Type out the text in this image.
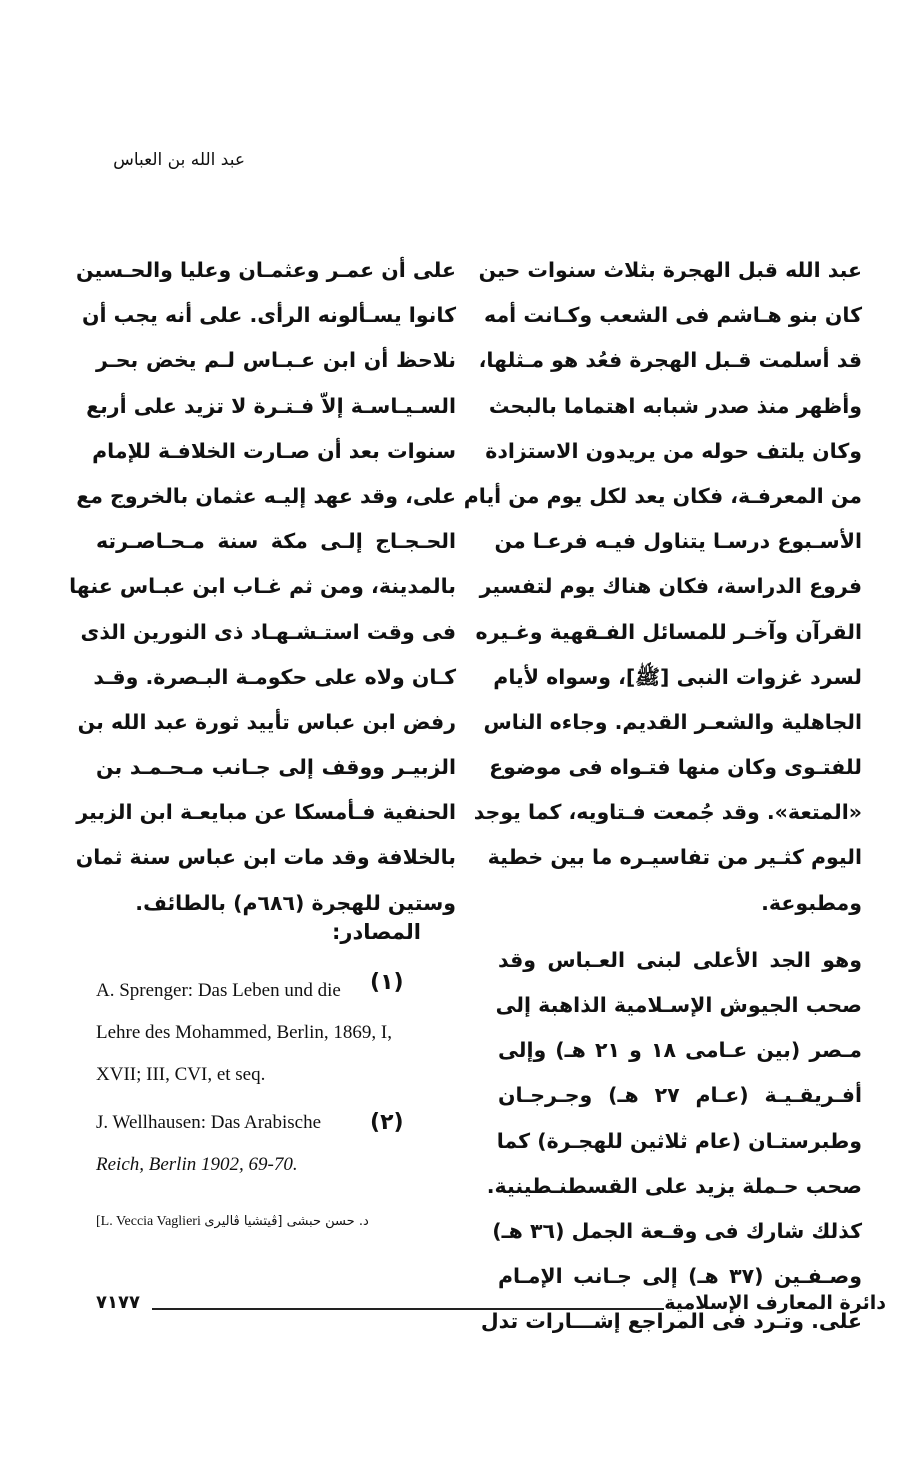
عبد الله بن العباس
عبد الله قبل الهجرة بثلاث سنوات حين
كان بنو هـاشم فى الشعب وكـانت أمه
قد أسلمت قـبل الهجرة فعُد هو مـثلها،
وأظهر منذ صدر شبابه اهتماما بالبحث
وكان يلتف حوله من يريدون الاستزادة
من المعرفـة، فكان يعد لكل يوم من أيام
الأسـبوع درسـا يتناول فيـه فرعـا من
فروع الدراسة، فكان هناك يوم لتفسير
القرآن وآخـر للمسائل الفـقهية وغـيره
لسرد غزوات النبى [ﷺ]، وسواه لأيام
الجاهلية والشعـر القديم. وجاءه الناس
للفتـوى وكان منها فتـواه فى موضوع
«المتعة». وقد جُمعت فـتاويه، كما يوجد
اليوم كثـير من تفاسيـره ما بين خطية
ومطبوعة.
وهو الجد الأعلى لبنى العـباس وقد
صحب الجيوش الإسـلامية الذاهبة إلى
مـصر (بين عـامى ١٨ و ٢١ هـ) وإلى
أفـريقـيـة (عـام ٢٧ هـ) وجـرجـان
وطبرستـان (عام ثلاثين للهجـرة) كما
صحب حـملة يزيد على القسطنـطينية.
كذلك شارك فى وقـعة الجمل (٣٦ هـ)
وصـفـين (٣٧ هـ) إلى جـانب الإمـام
على. وتـرد فى المراجع إشـــارات تدل
على أن عمـر وعثمـان وعليا والحـسين
كانوا يسـألونه الرأى. على أنه يجب أن
نلاحظ أن ابن عـبـاس لـم يخض بحـر
السـيـاسـة إلاّ فـتـرة لا تزيد على أربع
سنوات بعد أن صـارت الخلافـة للإمام
على، وقد عهد إليـه عثمان بالخروج مع
الحـجـاج إلـى مكة سنة مـحـاصـرته
بالمدينة، ومن ثم غـاب ابن عبـاس عنها
فى وقت استـشـهـاد ذى النورين الذى
كـان ولاه على حكومـة البـصرة. وقـد
رفض ابن عباس تأييد ثورة عبد الله بن
الزبيـر ووقف إلى جـانب مـحـمـد بن
الحنفية فـأمسكا عن مبايعـة ابن الزبير
بالخلافة وقد مات ابن عباس سنة ثمان
وستين للهجرة (٦٨٦م) بالطائف.
المصادر:
(١)
(٢)
A. Sprenger: Das Leben und die
Lehre des Mohammed, Berlin, 1869, I,
XVII; III, CVI, et seq.
J. Wellhausen: Das Arabische
Reich, Berlin 1902, 69-70.
[L. Veccia Vaglieri د. حسن حبشى [ڤيتشيا ڤاليرى
٧١٧٧	دائرة المعارف الإسلامية
